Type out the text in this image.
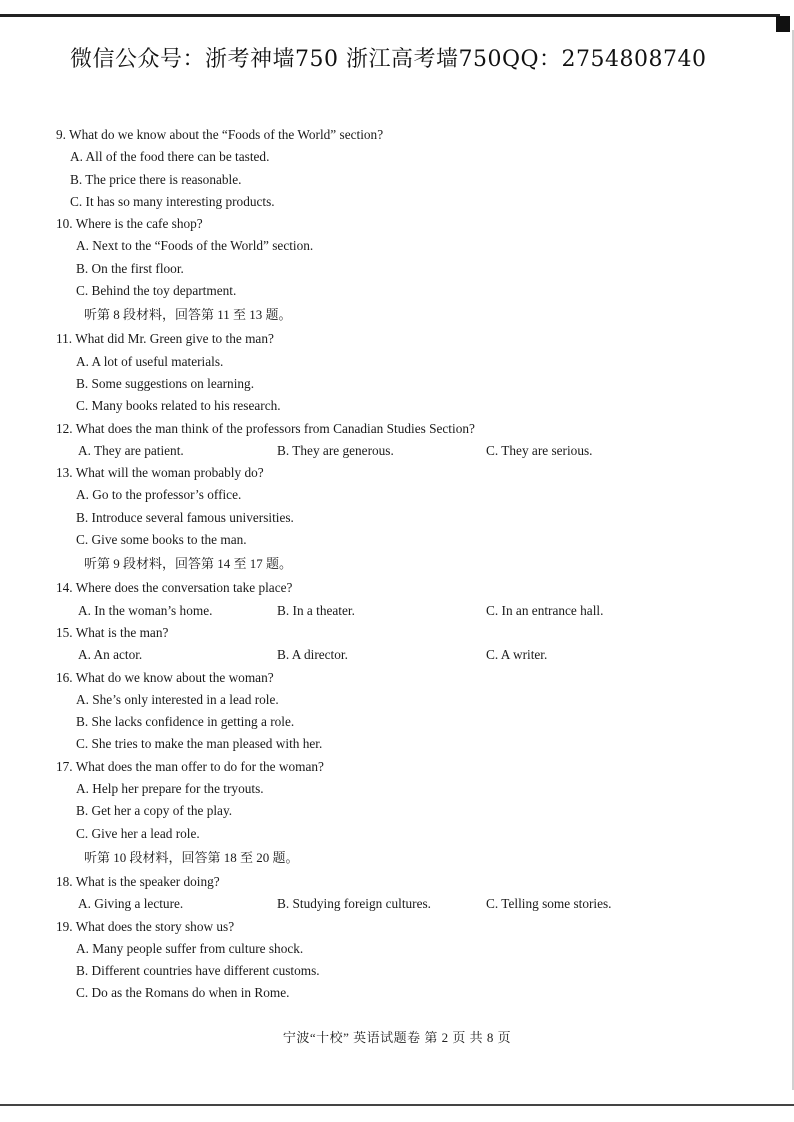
微信公众号：浙考神墙750 浙江高考墙750QQ：2754808740
9. What do we know about the “Foods of the World” section?
A. All of the food there can be tasted.
B. The price there is reasonable.
C. It has so many interesting products.
10. Where is the cafe shop?
A. Next to the “Foods of the World” section.
B. On the first floor.
C. Behind the toy department.
听第 8 段材料，回答第 11 至 13 题。
11. What did Mr. Green give to the man?
A. A lot of useful materials.
B. Some suggestions on learning.
C. Many books related to his research.
12. What does the man think of the professors from Canadian Studies Section?
A. They are patient.	B. They are generous.	C. They are serious.
13. What will the woman probably do?
A. Go to the professor’s office.
B. Introduce several famous universities.
C. Give some books to the man.
听第 9 段材料，回答第 14 至 17 题。
14. Where does the conversation take place?
A. In the woman’s home.	B. In a theater.	C. In an entrance hall.
15. What is the man?
A. An actor.	B. A director.	C. A writer.
16. What do we know about the woman?
A. She’s only interested in a lead role.
B. She lacks confidence in getting a role.
C. She tries to make the man pleased with her.
17. What does the man offer to do for the woman?
A. Help her prepare for the tryouts.
B. Get her a copy of the play.
C. Give her a lead role.
听第 10 段材料，回答第 18 至 20 题。
18. What is the speaker doing?
A. Giving a lecture.	B. Studying foreign cultures.	C. Telling some stories.
19. What does the story show us?
A. Many people suffer from culture shock.
B. Different countries have different customs.
C. Do as the Romans do when in Rome.
宁波“十校” 英语试题卷 第 2 页 共 8 页
